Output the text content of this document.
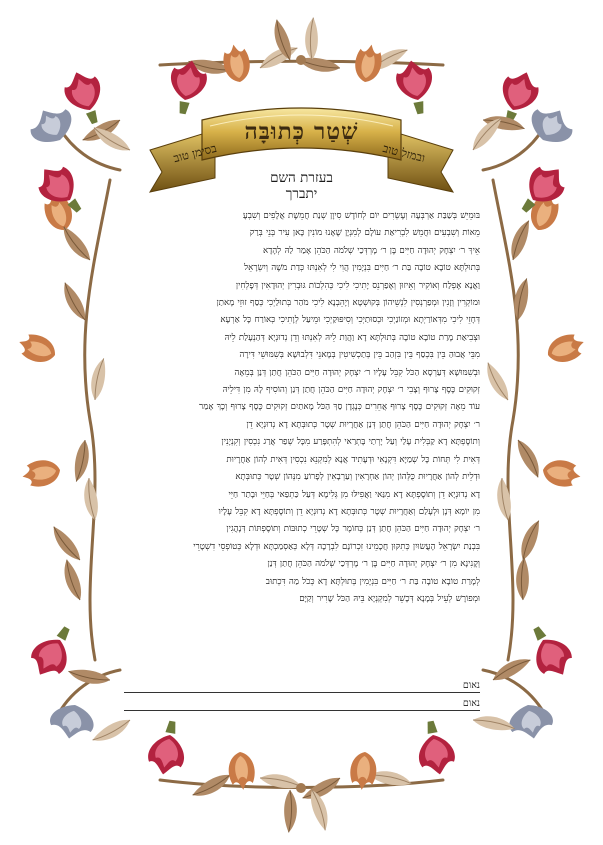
שְׁטַר כְּתוּבָּה
בסימן טוב	ובמזל טוב
בעזרת השם
יתברך
בּוּמֵיֵשׁ בְּשַׁבַּת אַרְבְּעָה וְעֶשְׂרִים יוֹם לְחוֹדֶשׁ סִיוָן שְׁנַת חֲמֵשֶׁת אֲלָפִים וְשִׁבְעָ
מֵאוֹת וְשִׁבְעִים וּחֲמֵשׁ לִבְרִיאַת עוֹלָם לְמִנְיָן שֶׁאָנוּ מוֹנִין כָּאן עִיר בְּנֵי בְּרַק
אֵיךְ ר׳ יִצְחָק יְהוּדָה חַיִּים בֶּן ר׳ מָרְדְּכַי שְׁלֹמֹה הַכֹּהֵן אָמַר לַהּ לְהָדָא
בְּתוּלְתָּא טוֹבָא טוֹבָה בַּת ר׳ חַיִּים בִּנְיָמִין הֲוִי לִי לְאִנְתּוּ כְּדַת מֹשֶׁה וְיִשְׂרָאֵל
וַאֲנָא אֶפְלַח וְאוֹקִיר וְאֵיזוּן וְאֶפַרְנֵס יָתִיכִי לִיכִי כְּהִלְכוֹת גּוּבְרִין יְהוּדָאִין דְּפָלְחִין
וּמוֹקְרִין וְזָנִין וּמְפַרְנְסִין לִנְשֵׁיהוֹן בְּקוּשְׁטָא וְיָהֵבְנָא לִיכִי מֹהַר בְּתוּלַיְכִי כְּסַף זוּזֵי מָאתַן
דְּחָזֵי לִיכִי מִדְּאוֹרַיְתָא וּמְזוֹנַיְכִי וּכְסוּתַיְכִי וְסִיפּוּקַיְכִי וּמֵיעַל לְוָתִיכִי כְּאוֹרַח כָּל אַרְעָא
וּצְבִיאַת מָרַת טוֹבָא טוֹבָה בְּתוּלְתָּא דָא וַהֲוַת לֵיהּ לְאִנְתּוּ וְדֵן נְדוּנְיָא דְּהַנְעָלַת לֵיהּ
מִבֵּי אֲבוּהַ בֵּין בִּכְסַף בֵּין בִּזְהַב בֵּין בְּתַכְשִׁיטִין בְּמָאנֵי דִּלְבוּשָׁא בְּשִׁמּוּשֵׁי דִּירָה
וּבְשִׁמּוּשָׁא דְּעַרְסָא הַכֹּל קִבֵּל עָלָיו ר׳ יִצְחָק יְהוּדָה חַיִּים הַכֹּהֵן חֲתַן דְּנַן בְּמֵאָה
זְקוּקִים כֶּסֶף צָרוּף וְצָבִי ר׳ יִצְחָק יְהוּדָה חַיִּים הַכֹּהֵן חֲתַן דְּנַן וְהוֹסִיף לָהּ מִן דִּילֵיהּ
עוֹד מֵאָה זְקוּקִים כֶּסֶף צָרוּף אֲחֵרִים כְּנֶגְדָן סַךְ הַכֹּל מָאתַיִם זְקוּקִים כֶּסֶף צָרוּף וְכָךְ אָמַר
ר׳ יִצְחָק יְהוּדָה חַיִּים הַכֹּהֵן חֲתַן דְּנַן אַחֲרָיוּת שְׁטָר כְּתוּבְּתָא דָא נְדוּנְיָא דֵן
וְתוֹסֶפְתָּא דָא קַבְּלִית עָלַי וְעַל יָרְתַי בָּתְרַאי לְהִתְפָּרַע מִכָּל שְׁפַר אֲרַג נִכְסִין וְקִנְיָנִין
דְּאִית לִי תְּחוֹת כָּל שְׁמַיָּא דִּקְנָאִי וּדְעָתִיד אֲנָא לְמִקְנֵא נִכְסִין דְּאִית לְהוֹן אַחֲרָיוּת
וּדְלֵית לְהוֹן אַחֲרָיוּת כֻּלְּהוֹן יְהוֹן אַחְרָאִין וְעַרְבָאִין לְפָרוֹעַ מִנְּהוֹן שְׁטָר כְּתוּבְּתָא
דָא נְדוּנְיָא דֵן וְתוֹסֶפְתָּא דָא מִנַּאי וַאֲפִילּוּ מִן גְּלִימָא דְּעַל כַּתְפַאי בְּחַיֵּי וּבָתַר חַיֵּי
מִן יוֹמָא דְּנָן וּלְעָלַם וְאַחֲרָיוּת שְׁטָר כְּתוּבְּתָא דָא נְדוּנְיָא דֵן וְתוֹסֶפְתָּא דָא קִבֵּל עָלָיו
ר׳ יִצְחָק יְהוּדָה חַיִּים הַכֹּהֵן חֲתַן דְּנַן כְּחוֹמֶר כָּל שְׁטָרֵי כְתוּבּוֹת וְתוֹסֶפְתּוֹת דְּנָהֲגִין
בִּבְנַת יִשְׂרָאֵל הָעֲשׂוּיִן כְּתִקּוּן חֲכָמֵינוּ זִכְרוֹנָם לִבְרָכָה דְּלָא כְּאַסְמַכְתָּא וּדְלָא כְּטוֹפְסֵי דִשְׁטָרֵי
וְקָנִינָא מִן ר׳ יִצְחָק יְהוּדָה חַיִּים בֶּן ר׳ מָרְדְּכַי שְׁלֹמֹה הַכֹּהֵן חֲתַן דְּנַן
לְמָרַת טוֹבָא טוֹבָה בַּת ר׳ חַיִּים בִּנְיָמִין בְּתוּלְתָּא דָא כְּכֹל מַה דִּכְתוּב
וּמְפוֹרָשׁ לְעֵיל בְּמָנָא דְּכָשֵׁר לְמִקְנְיָא בֵּיהּ הַכֹּל שָׁרִיר וְקַיָּם
נאום
נאום
